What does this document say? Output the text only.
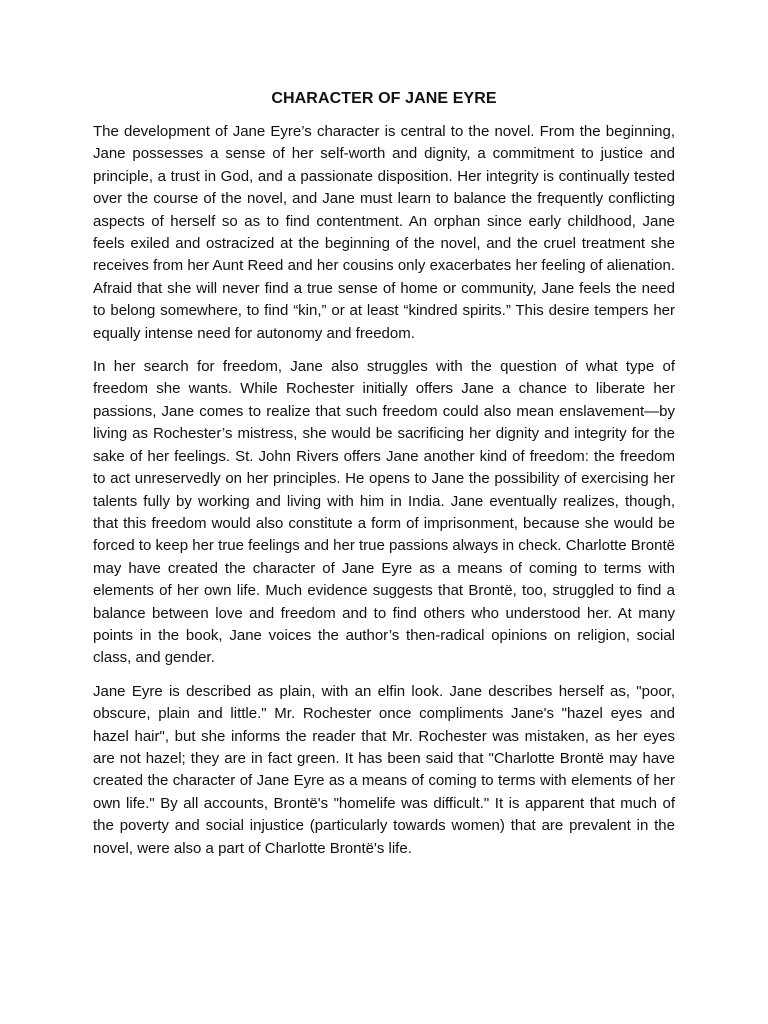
CHARACTER OF JANE EYRE

The development of Jane Eyre’s character is central to the novel. From the beginning, Jane possesses a sense of her self-worth and dignity, a commitment to justice and principle, a trust in God, and a passionate disposition. Her integrity is continually tested over the course of the novel, and Jane must learn to balance the frequently conflicting aspects of herself so as to find contentment. An orphan since early childhood, Jane feels exiled and ostracized at the beginning of the novel, and the cruel treatment she receives from her Aunt Reed and her cousins only exacerbates her feeling of alienation. Afraid that she will never find a true sense of home or community, Jane feels the need to belong somewhere, to find “kin,” or at least “kindred spirits.” This desire tempers her equally intense need for autonomy and freedom.

In her search for freedom, Jane also struggles with the question of what type of freedom she wants. While Rochester initially offers Jane a chance to liberate her passions, Jane comes to realize that such freedom could also mean enslavement—by living as Rochester’s mistress, she would be sacrificing her dignity and integrity for the sake of her feelings. St. John Rivers offers Jane another kind of freedom: the freedom to act unreservedly on her principles. He opens to Jane the possibility of exercising her talents fully by working and living with him in India. Jane eventually realizes, though, that this freedom would also constitute a form of imprisonment, because she would be forced to keep her true feelings and her true passions always in check. Charlotte Brontë may have created the character of Jane Eyre as a means of coming to terms with elements of her own life. Much evidence suggests that Brontë, too, struggled to find a balance between love and freedom and to find others who understood her. At many points in the book, Jane voices the author’s then-radical opinions on religion, social class, and gender.

Jane Eyre is described as plain, with an elfin look. Jane describes herself as, "poor, obscure, plain and little." Mr. Rochester once compliments Jane's "hazel eyes and hazel hair", but she informs the reader that Mr. Rochester was mistaken, as her eyes are not hazel; they are in fact green. It has been said that "Charlotte Brontë may have created the character of Jane Eyre as a means of coming to terms with elements of her own life." By all accounts, Brontë's "homelife was difficult." It is apparent that much of the poverty and social injustice (particularly towards women) that are prevalent in the novel, were also a part of Charlotte Brontë's life.
